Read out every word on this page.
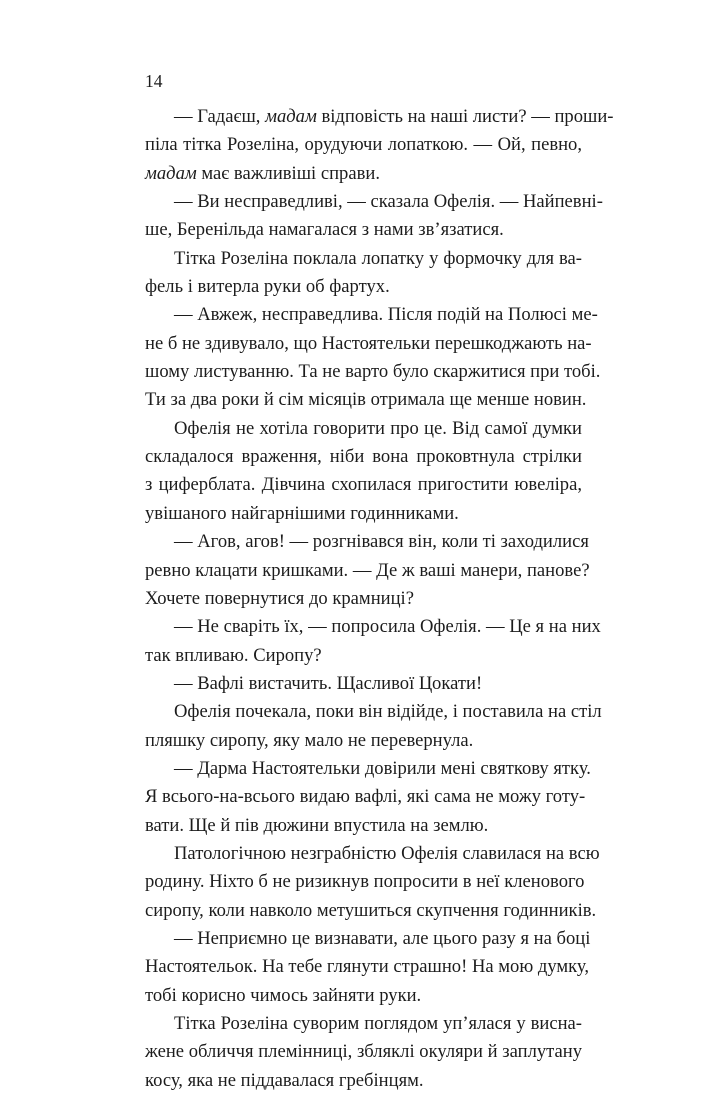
14
— Гадаєш, мадам відповість на наші листи? — проши-
піла тітка Розеліна, орудуючи лопаткою. — Ой, певно,
мадам має важливіші справи.
— Ви несправедливі, — сказала Офелія. — Найпевні-
ше, Беренільда намагалася з нами зв’язатися.
Тітка Розеліна поклала лопатку у формочку для ва-
фель і витерла руки об фартух.
— Авжеж, несправедлива. Після подій на Полюсі ме-
не б не здивувало, що Настоятельки перешкоджають на-
шому листуванню. Та не варто було скаржитися при тобі.
Ти за два роки й сім місяців отримала ще менше новин.
Офелія не хотіла говорити про це. Від самої думки
складалося враження, ніби вона проковтнула стрілки
з циферблата. Дівчина схопилася пригостити ювеліра,
увішаного найгарнішими годинниками.
— Агов, агов! — розгнівався він, коли ті заходилися
ревно клацати кришками. — Де ж ваші манери, панове?
Хочете повернутися до крамниці?
— Не сваріть їх, — попросила Офелія. — Це я на них
так впливаю. Сиропу?
— Вафлі вистачить. Щасливої Цокати!
Офелія почекала, поки він відійде, і поставила на стіл
пляшку сиропу, яку мало не перевернула.
— Дарма Настоятельки довірили мені святкову ятку.
Я всього-на-всього видаю вафлі, які сама не можу готу-
вати. Ще й пів дюжини впустила на землю.
Патологічною незграбністю Офелія славилася на всю
родину. Ніхто б не ризикнув попросити в неї кленового
сиропу, коли навколо метушиться скупчення годинників.
— Неприємно це визнавати, але цього разу я на боці
Настоятельок. На тебе глянути страшно! На мою думку,
тобі корисно чимось зайняти руки.
Тітка Розеліна суворим поглядом уп’ялася у висна-
жене обличчя племінниці, збляклі окуляри й заплутану
косу, яка не піддавалася гребінцям.
